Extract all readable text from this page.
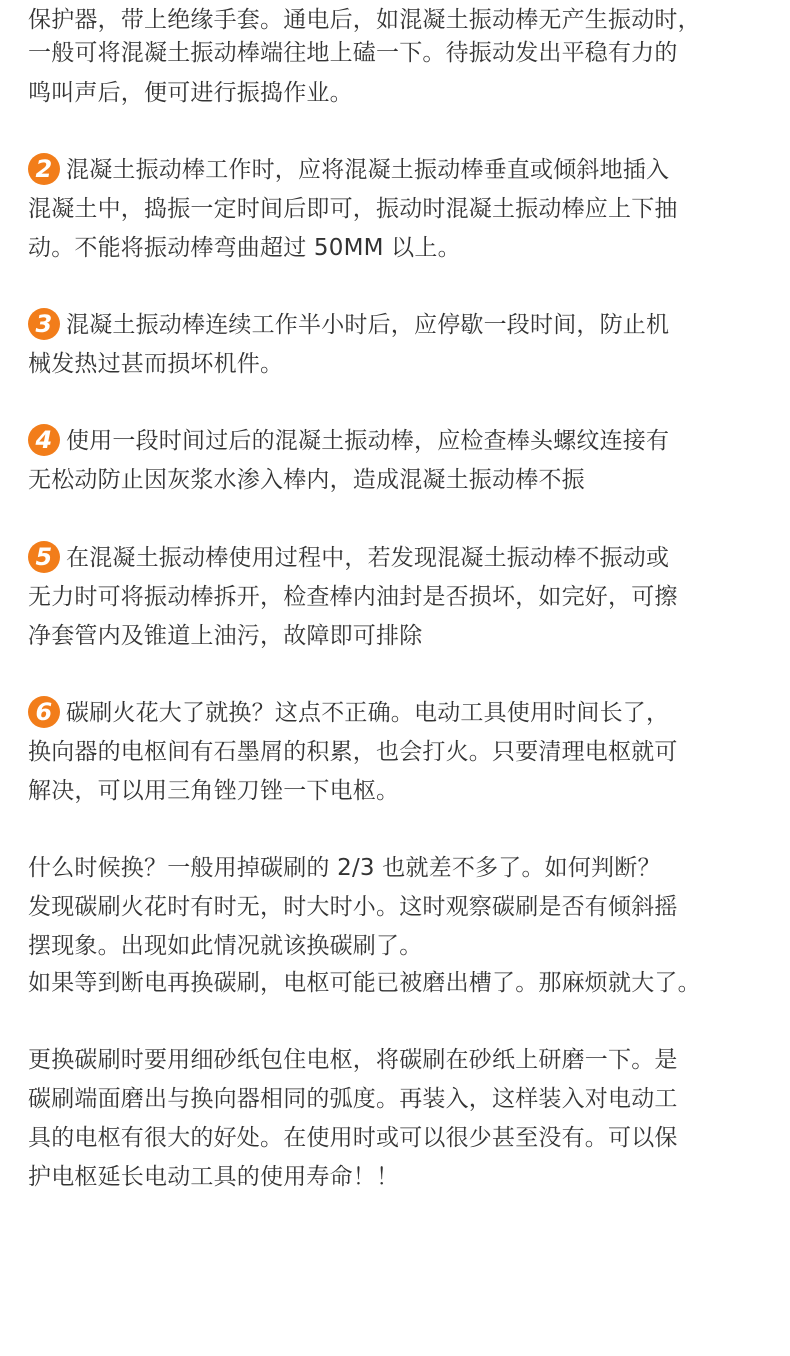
保护器，带上绝缘手套。通电后，如混凝土振动棒无产生振动时，
一般可将混凝土振动棒端往地上磕一下。待振动发出平稳有力的
鸣叫声后，便可进行振捣作业。
2 混凝土振动棒工作时，应将混凝土振动棒垂直或倾斜地插入
混凝土中，捣振一定时间后即可，振动时混凝土振动棒应上下抽
动。不能将振动棒弯曲超过 50MM 以上。
3 混凝土振动棒连续工作半小时后，应停歇一段时间，防止机
械发热过甚而损坏机件。
4 使用一段时间过后的混凝土振动棒，应检查棒头螺纹连接有
无松动防止因灰浆水渗入棒内，造成混凝土振动棒不振
5 在混凝土振动棒使用过程中，若发现混凝土振动棒不振动或
无力时可将振动棒拆开，检查棒内油封是否损坏，如完好，可擦
净套管内及锥道上油污，故障即可排除
6 碳刷火花大了就换？这点不正确。电动工具使用时间长了，
换向器的电枢间有石墨屑的积累，也会打火。只要清理电枢就可
解决，可以用三角锉刀锉一下电枢。
什么时候换？一般用掉碳刷的 2/3 也就差不多了。如何判断？
发现碳刷火花时有时无，时大时小。这时观察碳刷是否有倾斜摇
摆现象。出现如此情况就该换碳刷了。
如果等到断电再换碳刷，电枢可能已被磨出槽了。那麻烦就大了。
更换碳刷时要用细砂纸包住电枢，将碳刷在砂纸上研磨一下。是
碳刷端面磨出与换向器相同的弧度。再装入，这样装入对电动工
具的电枢有很大的好处。在使用时或可以很少甚至没有。可以保
护电枢延长电动工具的使用寿命！！
